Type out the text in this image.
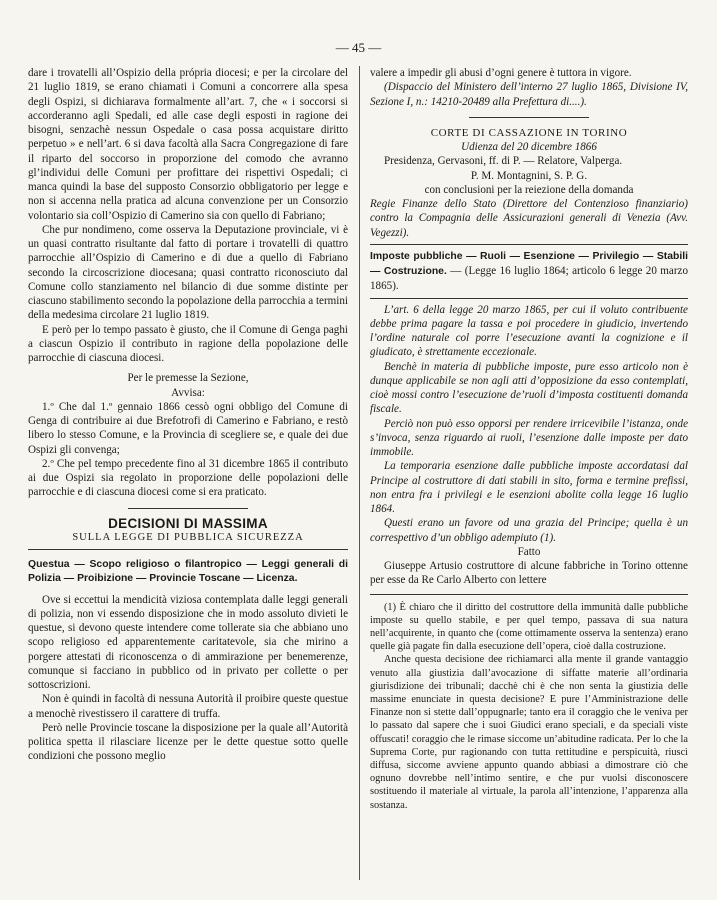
— 45 —

dare i trovatelli all’Ospizio della própria diocesi; e per la circolare del 21 luglio 1819, se erano chiamati i Comuni a concorrere alla spesa degli Ospizi, si dichiarava formalmente all’art. 7, che « i soccorsi si accorderanno agli Spedali, ed alle case degli esposti in ragione dei bisogni, senzachè nessun Ospedale o casa possa acquistare diritto perpetuo » e nell’art. 6 si dava facoltà alla Sacra Congregazione di fare il riparto del soccorso in proporzione del comodo che avranno gl’individui delle Comuni per profittare dei rispettivi Ospedali; ci manca quindi la base del supposto Consorzio obbligatorio per legge e non si accenna nella pratica ad alcuna convenzione per un Consorzio volontario sia coll’Ospizio di Camerino sia con quello di Fabriano;

Che pur nondimeno, come osserva la Deputazione provinciale, vi è un quasi contratto risultante dal fatto di portare i trovatelli di quattro parrocchie all’Ospizio di Camerino e di due a quello di Fabriano secondo la circoscrizione diocesana; quasi contratto riconosciuto dal Comune collo stanziamento nel bilancio di due somme distinte per ciascuno stabilimento secondo la popolazione della parrocchia a termini della medesima circolare 21 luglio 1819.

E però per lo tempo passato è giusto, che il Comune di Genga paghi a ciascun Ospizio il contributo in ragione della popolazione delle parrocchie di ciascuna diocesi.

Per le premesse la Sezione,

Avvisa:

1.º Che dal 1.º gennaio 1866 cessò ogni obbligo del Comune di Genga di contribuire ai due Brefotrofi di Camerino e Fabriano, e restò libero lo stesso Comune, e la Provincia di scegliere se, e quale dei due Ospizi gli convenga;

2.º Che pel tempo precedente fino al 31 dicembre 1865 il contributo ai due Ospizi sia regolato in proporzione delle popolazioni delle parrocchie e di ciascuna diocesi come si era praticato.

DECISIONI DI MASSIMA

SULLA LEGGE DI PUBBLICA SICUREZZA

Questua — Scopo religioso o filantropico — Leggi generali di Polizia — Proibizione — Provincie Toscane — Licenza.

Ove si eccettui la mendicità viziosa contemplata dalle leggi generali di polizia, non vi essendo disposizione che in modo assoluto divieti le questue, si devono queste intendere come tollerate sia che abbiano uno scopo religioso ed apparentemente caritatevole, sia che mirino a porgere attestati di riconoscenza o di ammirazione per benemerenze, comunque si facciano in pubblico od in privato per collette o per sottoscrizioni.

Non è quindi in facoltà di nessuna Autorità il proibire queste questue a menochè rivestissero il carattere di truffa.

Però nelle Provincie toscane la disposizione per la quale all’Autorità politica spetta il rilasciare licenze per le dette questue sotto quelle condizioni che possono meglio

valere a impedir gli abusi d’ogni genere è tuttora in vigore.

(Dispaccio del Ministero dell’interno 27 luglio 1865, Divisione IV, Sezione I, n.: 14210-20489 alla Prefettura di....).

CORTE DI CASSAZIONE IN TORINO

Udienza del 20 dicembre 1866

Presidenza, Gervasoni, ff. di P. — Relatore, Valperga.

P. M. Montagnini, S. P. G.

con conclusioni per la reiezione della domanda

Regie Finanze dello Stato (Direttore del Contenzioso finanziario) contro la Compagnia delle Assicurazioni generali di Venezia (Avv. Vegezzi).

Imposte pubbliche — Ruoli — Esenzione — Privilegio — Stabili — Costruzione. — (Legge 16 luglio 1864; articolo 6 legge 20 marzo 1865).

L’art. 6 della legge 20 marzo 1865, per cui il voluto contribuente debbe prima pagare la tassa e poi procedere in giudicio, invertendo l’ordine naturale col porre l’esecuzione avanti la cognizione e il giudicato, è strettamente eccezionale.

Benchè in materia di pubbliche imposte, pure esso articolo non è dunque applicabile se non agli atti d’opposizione da esso contemplati, cioè mossi contro l’esecuzione de’ruoli d’imposta costituenti domanda fiscale.

Perciò non può esso opporsi per rendere irricevibile l’istanza, onde s’invoca, senza riguardo ai ruoli, l’esenzione dalle imposte per dato immobile.

La temporaria esenzione dalle pubbliche imposte accordatasi dal Principe al costruttore di dati stabili in sito, forma e termine prefissi, non entra fra i privilegi e le esenzioni abolite colla legge 16 luglio 1864.

Questi erano un favore od una grazia del Principe; quella è un correspettivo d’un obbligo adempiuto (1).

Fatto

Giuseppe Artusio costruttore di alcune fabbriche in Torino ottenne per esse da Re Carlo Alberto con lettere

(1) È chiaro che il diritto del costruttore della immunità dalle pubbliche imposte su quello stabile, e per quel tempo, passava di sua natura nell’acquirente, in quanto che (come ottimamente osserva la sentenza) erano quelle già pagate fin dalla esecuzione dell’opera, cioè dalla costruzione.

Anche questa decisione dee richiamarci alla mente il grande vantaggio venuto alla giustizia dall’avocazione di siffatte materie all’ordinaria giurisdizione dei tribunali; dacchè chi è che non senta la giustizia delle massime enunciate in questa decisione? E pure l’Amministrazione delle Finanze non si stette dall’oppugnarle; tanto era il coraggio che le veniva per lo passato dal sapere che i suoi Giudici erano speciali, e da speciali viste offuscati! coraggio che le rimase siccome un’abitudine radicata. Per lo che la Suprema Corte, pur ragionando con tutta rettitudine e perspicuità, riuscì diffusa, siccome avviene appunto quando abbiasi a dimostrare ciò che ognuno dovrebbe nell’intimo sentire, e che pur vuolsi disconoscere sostituendo il materiale al virtuale, la parola all’intenzione, l’apparenza alla sostanza.
